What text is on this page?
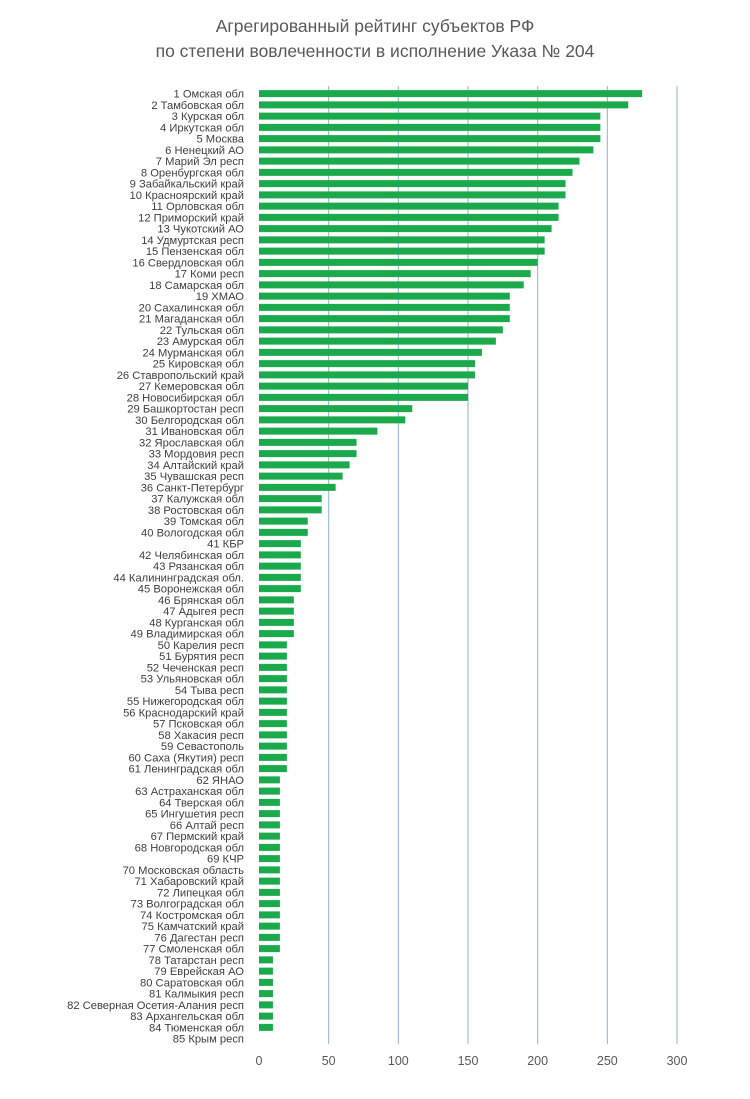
Агрегированный рейтинг субъектов РФ
по степени вовлеченности в исполнение Указа № 204
1 Омская обл
2 Тамбовская обл
3 Курская обл
4 Иркутская обл
5 Москва
6 Ненецкий АО
7 Марий Эл респ
8 Оренбургская обл
9 Забайкальский край
10 Красноярский край
11 Орловская обл
12 Приморский край
13 Чукотский АО
14 Удмуртская респ
15 Пензенская обл
16 Свердловская обл
17 Коми респ
18 Самарская обл
19 ХМАО
20 Сахалинская обл
21 Магаданская обл
22 Тульская обл
23 Амурская обл
24 Мурманская обл
25 Кировская обл
26 Ставропольский край
27 Кемеровская обл
28 Новосибирская обл
29 Башкортостан респ
30 Белгородская обл
31 Ивановская обл
32 Ярославская обл
33 Мордовия респ
34 Алтайский край
35 Чувашская респ
36 Санкт-Петербург
37 Калужская обл
38 Ростовская обл
39 Томская обл
40 Вологодская обл
41 КБР
42 Челябинская обл
43 Рязанская обл
44 Калининградская обл.
45 Воронежская обл
46 Брянская обл
47 Адыгея респ
48 Курганская обл
49 Владимирская обл
50 Карелия респ
51 Бурятия респ
52 Чеченская респ
53 Ульяновская обл
54 Тыва респ
55 Нижегородская обл
56 Краснодарский край
57 Псковская обл
58 Хакасия респ
59 Севастополь
60 Саха (Якутия) респ
61 Ленинградская обл
62 ЯНАО
63 Астраханская обл
64 Тверская обл
65 Ингушетия респ
66 Алтай респ
67 Пермский край
68 Новгородская обл
69 КЧР
70 Московская область
71 Хабаровский край
72 Липецкая обл
73 Волгоградская обл
74 Костромская обл
75 Камчатский край
76 Дагестан респ
77 Смоленская обл
78 Татарстан респ
79 Еврейская АО
80 Саратовская обл
81 Калмыкия респ
82 Северная Осетия-Алания респ
83 Архангельская обл
84 Тюменская обл
85 Крым респ
0	50	100	150	200	250	300
